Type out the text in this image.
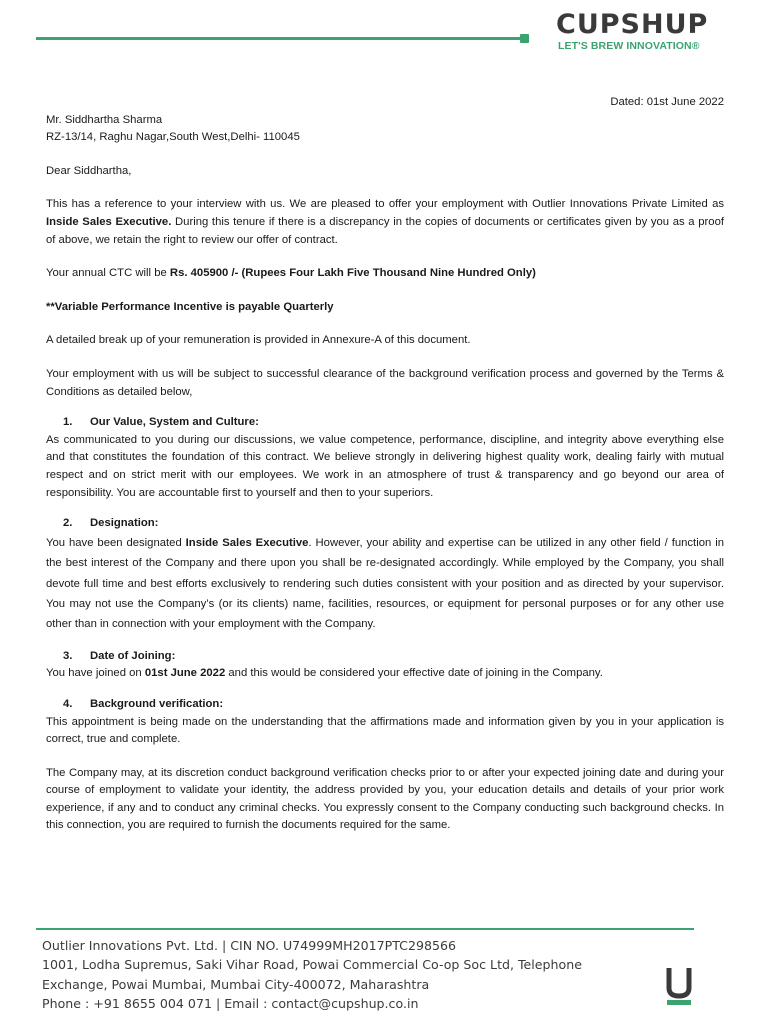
CUPSHUP
LET'S BREW INNOVATION®

Dated: 01st June 2022

Mr. Siddhartha Sharma

RZ-13/14, Raghu Nagar,South West,Delhi- 110045

Dear Siddhartha,

This has a reference to your interview with us. We are pleased to offer your employment with Outlier Innovations Private Limited as Inside Sales Executive. During this tenure if there is a discrepancy in the copies of documents or certificates given by you as a proof of above, we retain the right to review our offer of contract.

Your annual CTC will be Rs. 405900 /- (Rupees Four Lakh Five Thousand Nine Hundred Only)

**Variable Performance Incentive is payable Quarterly

A detailed break up of your remuneration is provided in Annexure-A of this document.

Your employment with us will be subject to successful clearance of the background verification process and governed by the Terms & Conditions as detailed below,

1. Our Value, System and Culture:

As communicated to you during our discussions, we value competence, performance, discipline, and integrity above everything else and that constitutes the foundation of this contract. We believe strongly in delivering highest quality work, dealing fairly with mutual respect and on strict merit with our employees. We work in an atmosphere of trust & transparency and go beyond our area of responsibility. You are accountable first to yourself and then to your superiors.

2. Designation:

You have been designated Inside Sales Executive. However, your ability and expertise can be utilized in any other field / function in the best interest of the Company and there upon you shall be re-designated accordingly. While employed by the Company, you shall devote full time and best efforts exclusively to rendering such duties consistent with your position and as directed by your supervisor. You may not use the Company’s (or its clients) name, facilities, resources, or equipment for personal purposes or for any other use other than in connection with your employment with the Company.

3. Date of Joining:

You have joined on 01st June 2022 and this would be considered your effective date of joining in the Company.

4. Background verification:

This appointment is being made on the understanding that the affirmations made and information given by you in your application is correct, true and complete.

The Company may, at its discretion conduct background verification checks prior to or after your expected joining date and during your course of employment to validate your identity, the address provided by you, your education details and details of your prior work experience, if any and to conduct any criminal checks. You expressly consent to the Company conducting such background checks. In this connection, you are required to furnish the documents required for the same.

Outlier Innovations Pvt. Ltd. | CIN NO. U74999MH2017PTC298566

1001, Lodha Supremus, Saki Vihar Road, Powai Commercial Co-op Soc Ltd, Telephone

Exchange, Powai Mumbai, Mumbai City-400072, Maharashtra

Phone : +91 8655 004 071 | Email : contact@cupshup.co.in
